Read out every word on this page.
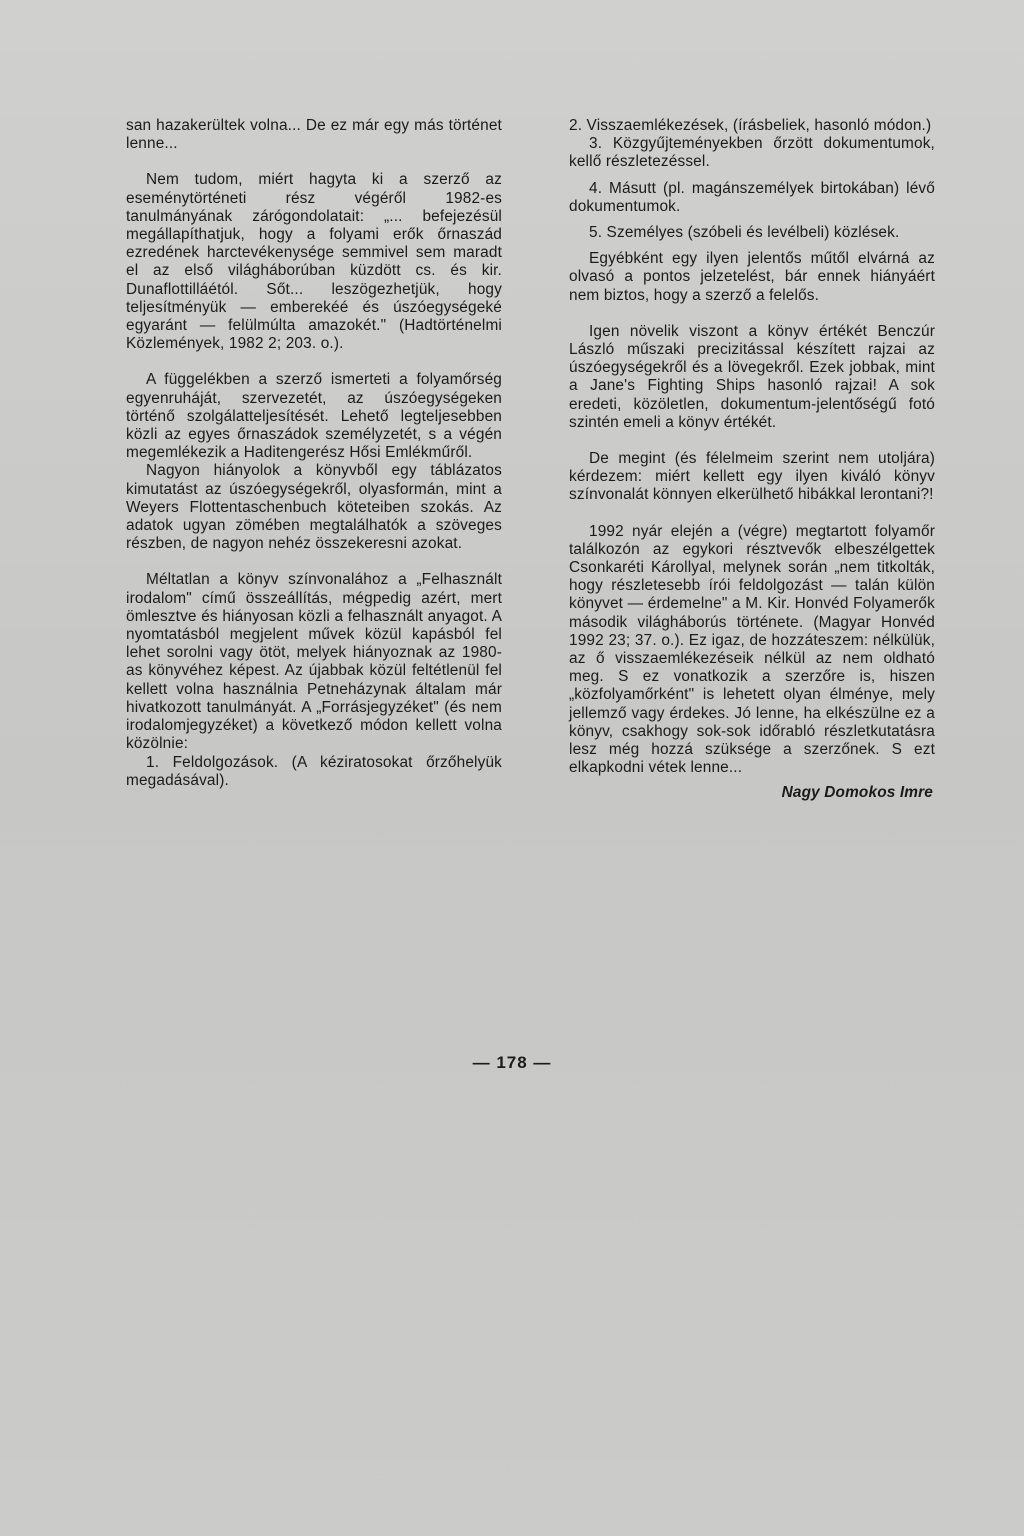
san hazakerültek volna... De ez már egy más történet lenne...

Nem tudom, miért hagyta ki a szerző az eseménytörténeti rész végéről 1982-es tanulmányának zárógondolatait: „... befejezésül megállapíthatjuk, hogy a folyami erők őrnaszád ezredének harctevékenysége semmivel sem maradt el az első világháborúban küzdött cs. és kir. Dunaflottilláétól. Sőt... leszögezhetjük, hogy teljesítményük — emberekéé és úszóegységeké egyaránt — felülmúlta amazokét." (Hadtörténelmi Közlemények, 1982 2; 203. o.).

A függelékben a szerző ismerteti a folyamőrség egyenruháját, szervezetét, az úszóegységeken történő szolgálatteljesítését. Lehető legteljesebben közli az egyes őrnaszádok személyzetét, s a végén megemlékezik a Haditengerész Hősi Emlékműről.

Nagyon hiányolok a könyvből egy táblázatos kimutatást az úszóegységekről, olyasformán, mint a Weyers Flottentaschenbuch köteteiben szokás. Az adatok ugyan zömében megtalálhatók a szöveges részben, de nagyon nehéz összekeresni azokat.

Méltatlan a könyv színvonalához a „Felhasznált irodalom" című összeállítás, mégpedig azért, mert ömlesztve és hiányosan közli a felhasznált anyagot. A nyomtatásból megjelent művek közül kapásból fel lehet sorolni vagy ötöt, melyek hiányoznak az 1980-as könyvéhez képest. Az újabbak közül feltétlenül fel kellett volna használnia Petneházynak általam már hivatkozott tanulmányát. A „Forrásjegyzéket" (és nem irodalomjegyzéket) a következő módon kellett volna közölnie:

1. Feldolgozások. (A kéziratosokat őrzőhelyük megadásával).

2. Visszaemlékezések, (írásbeliek, hasonló módon.)

3. Közgyűjteményekben őrzött dokumentumok, kellő részletezéssel.

4. Másutt (pl. magánszemélyek birtokában) lévő dokumentumok.

5. Személyes (szóbeli és levélbeli) közlések.

Egyébként egy ilyen jelentős műtől elvárná az olvasó a pontos jelzetelést, bár ennek hiányáért nem biztos, hogy a szerző a felelős.

Igen növelik viszont a könyv értékét Benczúr László műszaki precizitással készített rajzai az úszóegységekről és a lövegekről. Ezek jobbak, mint a Jane's Fighting Ships hasonló rajzai! A sok eredeti, közöletlen, dokumentum-jelentőségű fotó szintén emeli a könyv értékét.

De megint (és félelmeim szerint nem utoljára) kérdezem: miért kellett egy ilyen kiváló könyv színvonalát könnyen elkerülhető hibákkal lerontani?!

1992 nyár elején a (végre) megtartott folyamőr találkozón az egykori résztvevők elbeszélgettek Csonkaréti Károllyal, melynek során „nem titkolták, hogy részletesebb írói feldolgozást — talán külön könyvet — érdemelne" a M. Kir. Honvéd Folyamerők második világháborús története. (Magyar Honvéd 1992 23; 37. o.). Ez igaz, de hozzáteszem: nélkülük, az ő visszaemlékezéseik nélkül az nem oldható meg. S ez vonatkozik a szerzőre is, hiszen „közfolyamőrként" is lehetett olyan élménye, mely jellemző vagy érdekes. Jó lenne, ha elkészülne ez a könyv, csakhogy sok-sok időrabló részletkutatásra lesz még hozzá szüksége a szerzőnek. S ezt elkapkodni vétek lenne...

Nagy Domokos Imre
— 178 —
